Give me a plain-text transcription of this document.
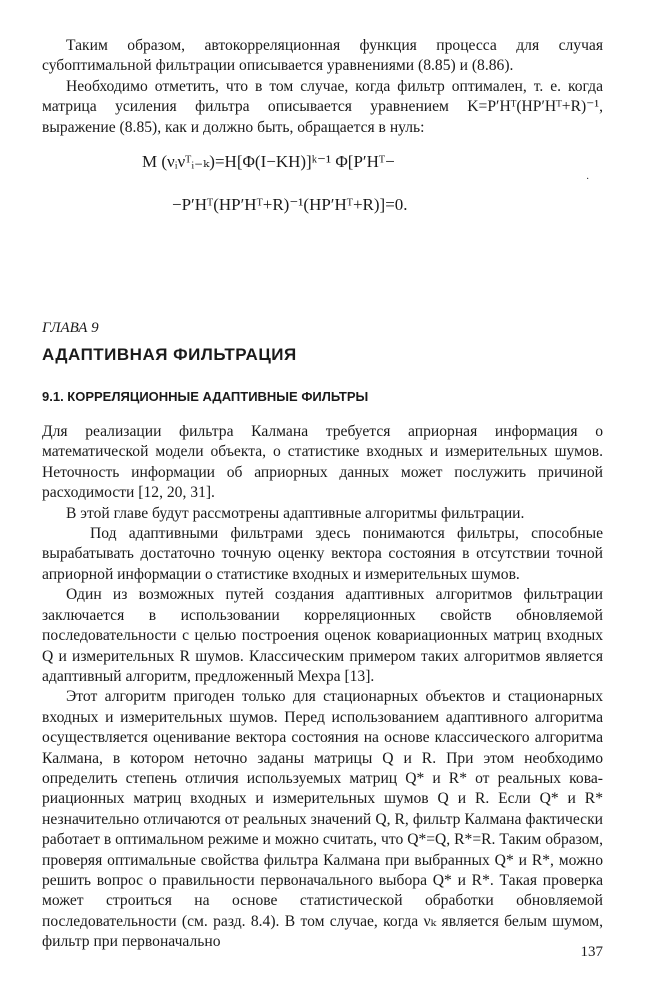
Таким образом, автокорреляционная функция процесса для случая субоптимальной фильтрации описывается уравнениями (8.85) и (8.86).

Необходимо отметить, что в том случае, когда фильтр оптимален, т. е. когда матрица усиления фильтра описывается уравнением K=P′Hᵀ(HP′Hᵀ+R)⁻¹, выражение (8.85), как и должно быть, обращается в нуль:

M (νᵢνᵀᵢ₋ₖ)=H[Φ(I−KH)]ᵏ⁻¹ Φ[P′Hᵀ−
−P′Hᵀ(HP′Hᵀ+R)⁻¹(HP′Hᵀ+R)]=0.
ГЛАВА 9
АДАПТИВНАЯ ФИЛЬТРАЦИЯ
9.1. КОРРЕЛЯЦИОННЫЕ АДАПТИВНЫЕ ФИЛЬТРЫ

Для реализации фильтра Калмана требуется априорная информация о математической модели объекта, о статистике входных и измерительных шумов. Неточность информации об априорных данных может послужить причиной расходимости [12, 20, 31].

В этой главе будут рассмотрены адаптивные алгоритмы фильтрации.

Под адаптивными фильтрами здесь понимаются фильтры, способные вырабатывать достаточно точную оценку вектора состояния в отсутствии точной априорной информации о статистике входных и измерительных шумов.

Один из возможных путей создания адаптивных алгоритмов фильтрации заключается в использовании корреляционных свойств обновляемой последовательности с целью построения оценок ковариационных матриц входных Q и измерительных R шумов. Классическим примером таких алгоритмов является адаптивный алгоритм, предложенный Мехра [13].

Этот алгоритм пригоден только для стационарных объектов и стационарных входных и измерительных шумов. Перед использованием адаптивного алгоритма осуществляется оценивание вектора состояния на основе классического алгоритма Калмана, в котором неточно заданы матрицы Q и R. При этом необходимо определить степень отличия используемых матриц Q* и R* от реальных ковариационных матриц входных и измерительных шумов Q и R. Если Q* и R* незначительно отличаются от реальных значений Q, R, фильтр Калмана фактически работает в оптимальном режиме и можно считать, что Q*=Q, R*=R. Таким образом, проверяя оптимальные свойства фильтра Калмана при выбранных Q* и R*, можно решить вопрос о правильности первоначального выбора Q* и R*. Такая проверка может строиться на основе статистической обработки обновляемой последовательности (см. разд. 8.4). В том случае, когда νₖ является белым шумом, фильтр при первоначально

·
137
